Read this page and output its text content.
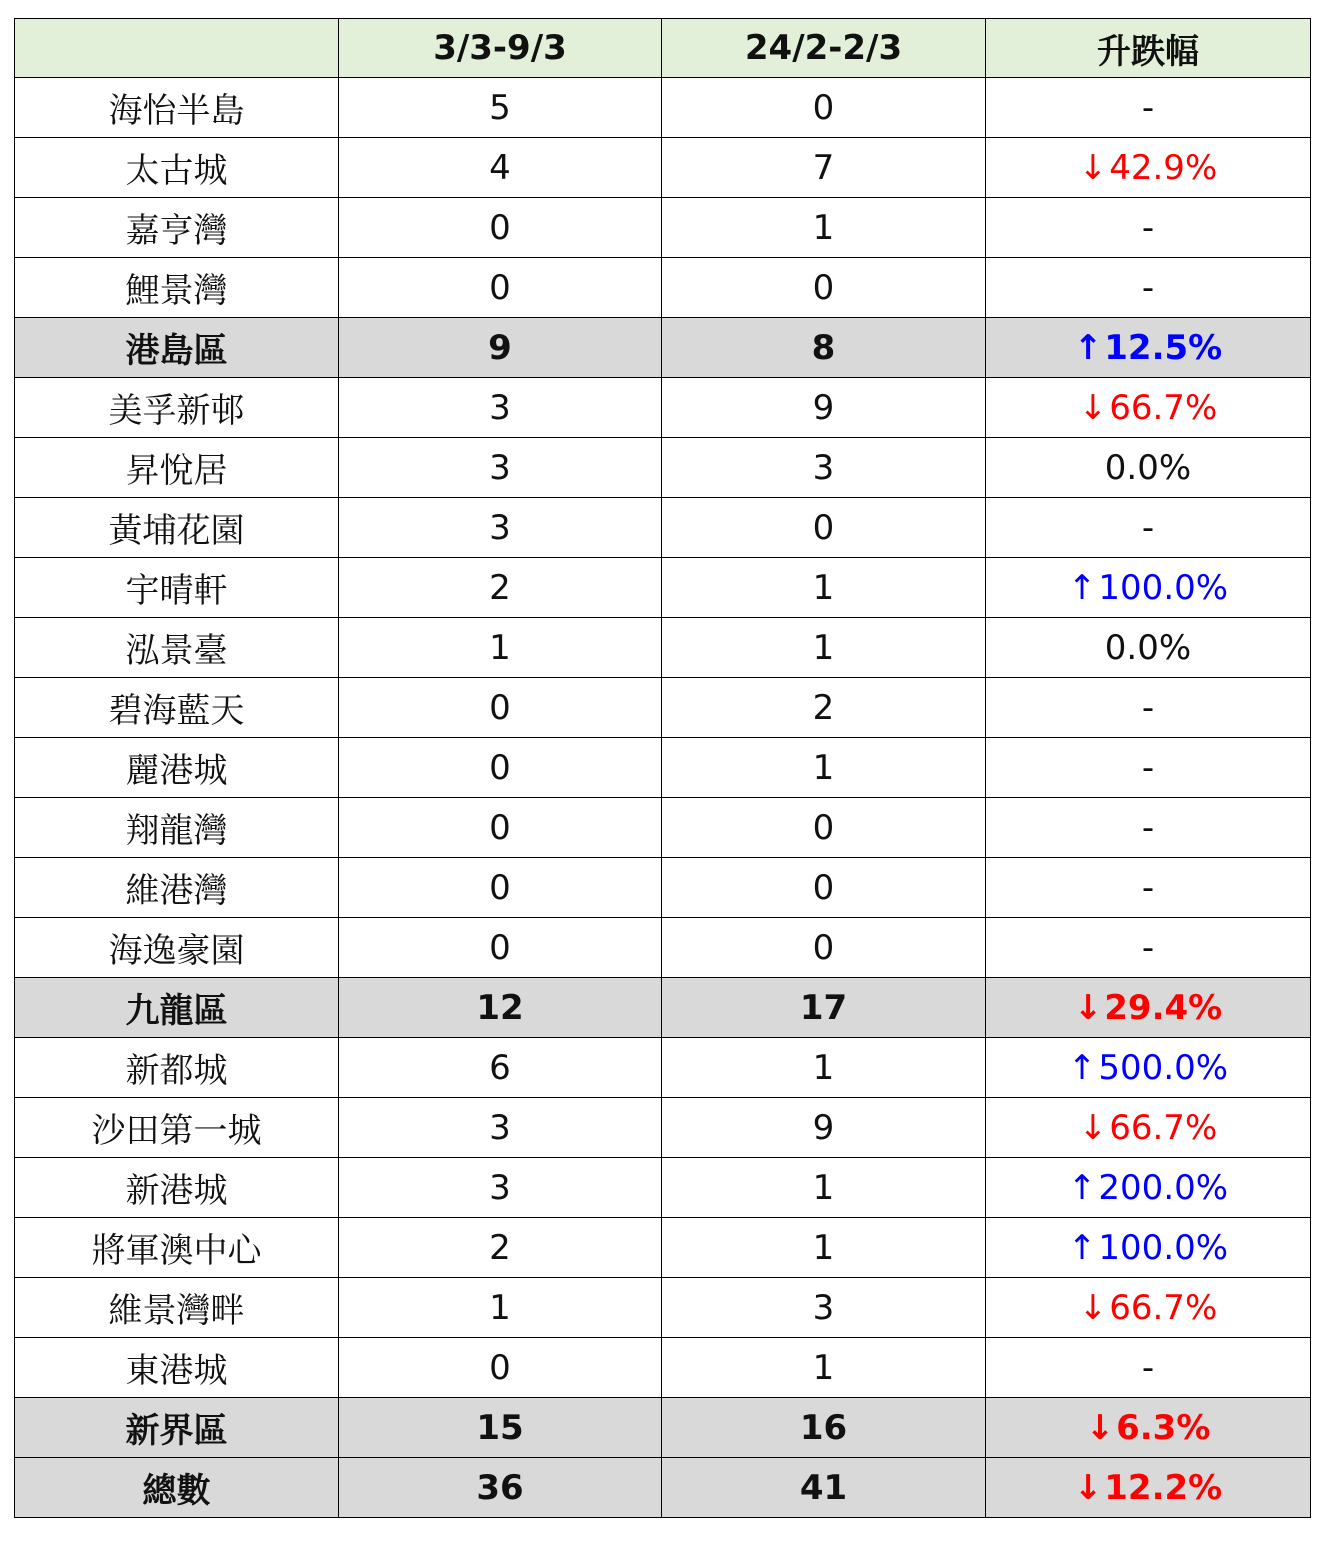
	3/3-9/3	24/2-2/3	升跌幅
海怡半島	5	0	-
太古城	4	7	↓42.9%
嘉亨灣	0	1	-
鯉景灣	0	0	-
港島區	9	8	↑12.5%
美孚新邨	3	9	↓66.7%
昇悅居	3	3	0.0%
黃埔花園	3	0	-
宇晴軒	2	1	↑100.0%
泓景臺	1	1	0.0%
碧海藍天	0	2	-
麗港城	0	1	-
翔龍灣	0	0	-
維港灣	0	0	-
海逸豪園	0	0	-
九龍區	12	17	↓29.4%
新都城	6	1	↑500.0%
沙田第一城	3	9	↓66.7%
新港城	3	1	↑200.0%
將軍澳中心	2	1	↑100.0%
維景灣畔	1	3	↓66.7%
東港城	0	1	-
新界區	15	16	↓6.3%
總數	36	41	↓12.2%
